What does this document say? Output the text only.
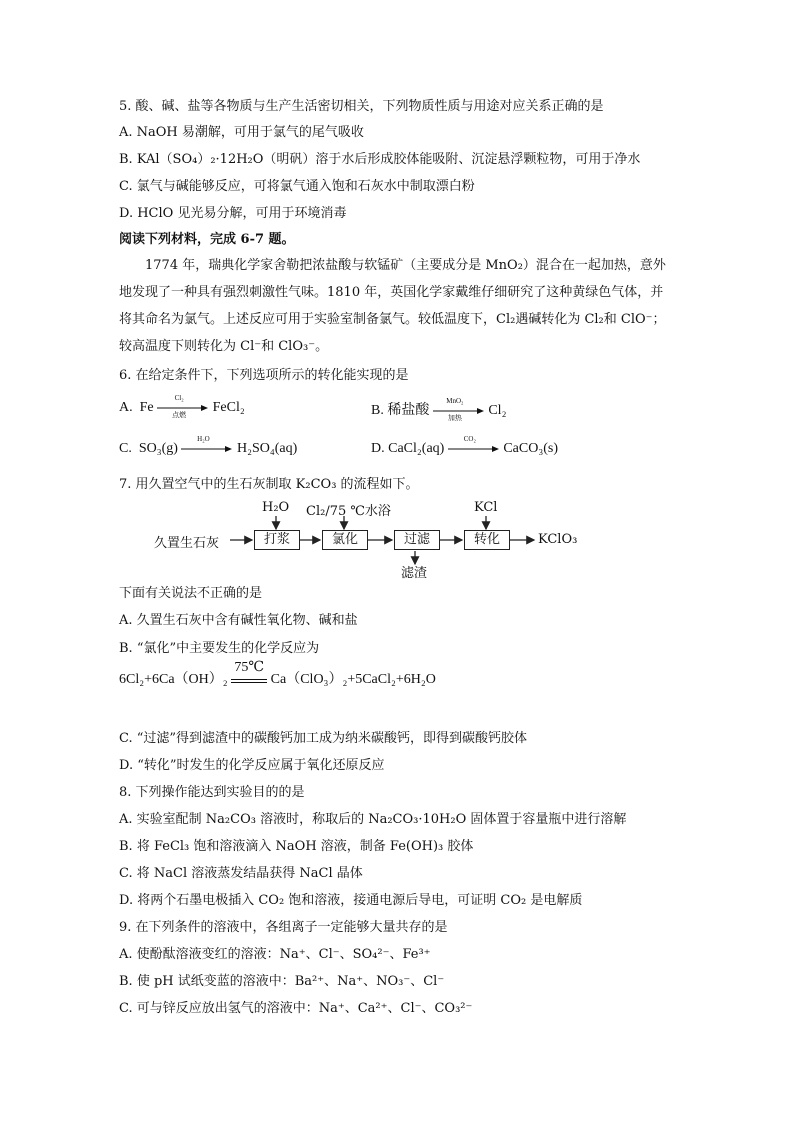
5. 酸、碱、盐等各物质与生产生活密切相关，下列物质性质与用途对应关系正确的是
A. NaOH 易潮解，可用于氯气的尾气吸收
B. KAl（SO₄）₂·12H₂O（明矾）溶于水后形成胶体能吸附、沉淀悬浮颗粒物，可用于净水
C. 氯气与碱能够反应，可将氯气通入饱和石灰水中制取漂白粉
D. HClO 见光易分解，可用于环境消毒
阅读下列材料，完成 6-7 题。
1774 年，瑞典化学家舍勒把浓盐酸与软锰矿（主要成分是 MnO₂）混合在一起加热，意外地发现了一种具有强烈刺激性气味。1810 年，英国化学家戴维仔细研究了这种黄绿色气体，并将其命名为氯气。上述反应可用于实验室制备氯气。较低温度下，Cl₂遇碱转化为 Cl₂和 ClO⁻；较高温度下则转化为 Cl⁻和 ClO₃⁻。
6. 在给定条件下，下列选项所示的转化能实现的是
A. Fe
Cl₂
点燃	FeCl₂	B. 稀盐酸
MnO₂
加热	Cl₂
C. SO₃(g)
H₂O
H₂SO₄(aq)	D. CaCl₂(aq)
CO₂
CaCO₃(s)
7. 用久置空气中的生石灰制取 K₂CO₃ 的流程如下。
久置生石灰	打浆	氯化	过滤	转化
H₂O Cl₂/75 ℃水浴	KCl
滤渣
KClO₃
下面有关说法不正确的是
A. 久置生石灰中含有碱性氧化物、碱和盐
B. “氯化”中主要发生的化学反应为
6Cl₂+6Ca（OH）₂
75℃
Ca（ClO₃）₂+5CaCl₂+6H₂O
C. “过滤”得到滤渣中的碳酸钙加工成为纳米碳酸钙，即得到碳酸钙胶体
D. “转化”时发生的化学反应属于氧化还原反应
8. 下列操作能达到实验目的的是
A. 实验室配制 Na₂CO₃ 溶液时，称取后的 Na₂CO₃·10H₂O 固体置于容量瓶中进行溶解
B. 将 FeCl₃ 饱和溶液滴入 NaOH 溶液，制备 Fe(OH)₃ 胶体
C. 将 NaCl 溶液蒸发结晶获得 NaCl 晶体
D. 将两个石墨电极插入 CO₂ 饱和溶液，接通电源后导电，可证明 CO₂ 是电解质
9. 在下列条件的溶液中，各组离子一定能够大量共存的是
A. 使酚酞溶液变红的溶液：Na⁺、Cl⁻、SO₄²⁻、Fe³⁺
B. 使 pH 试纸变蓝的溶液中：Ba²⁺、Na⁺、NO₃⁻、Cl⁻
C. 可与锌反应放出氢气的溶液中：Na⁺、Ca²⁺、Cl⁻、CO₃²⁻
